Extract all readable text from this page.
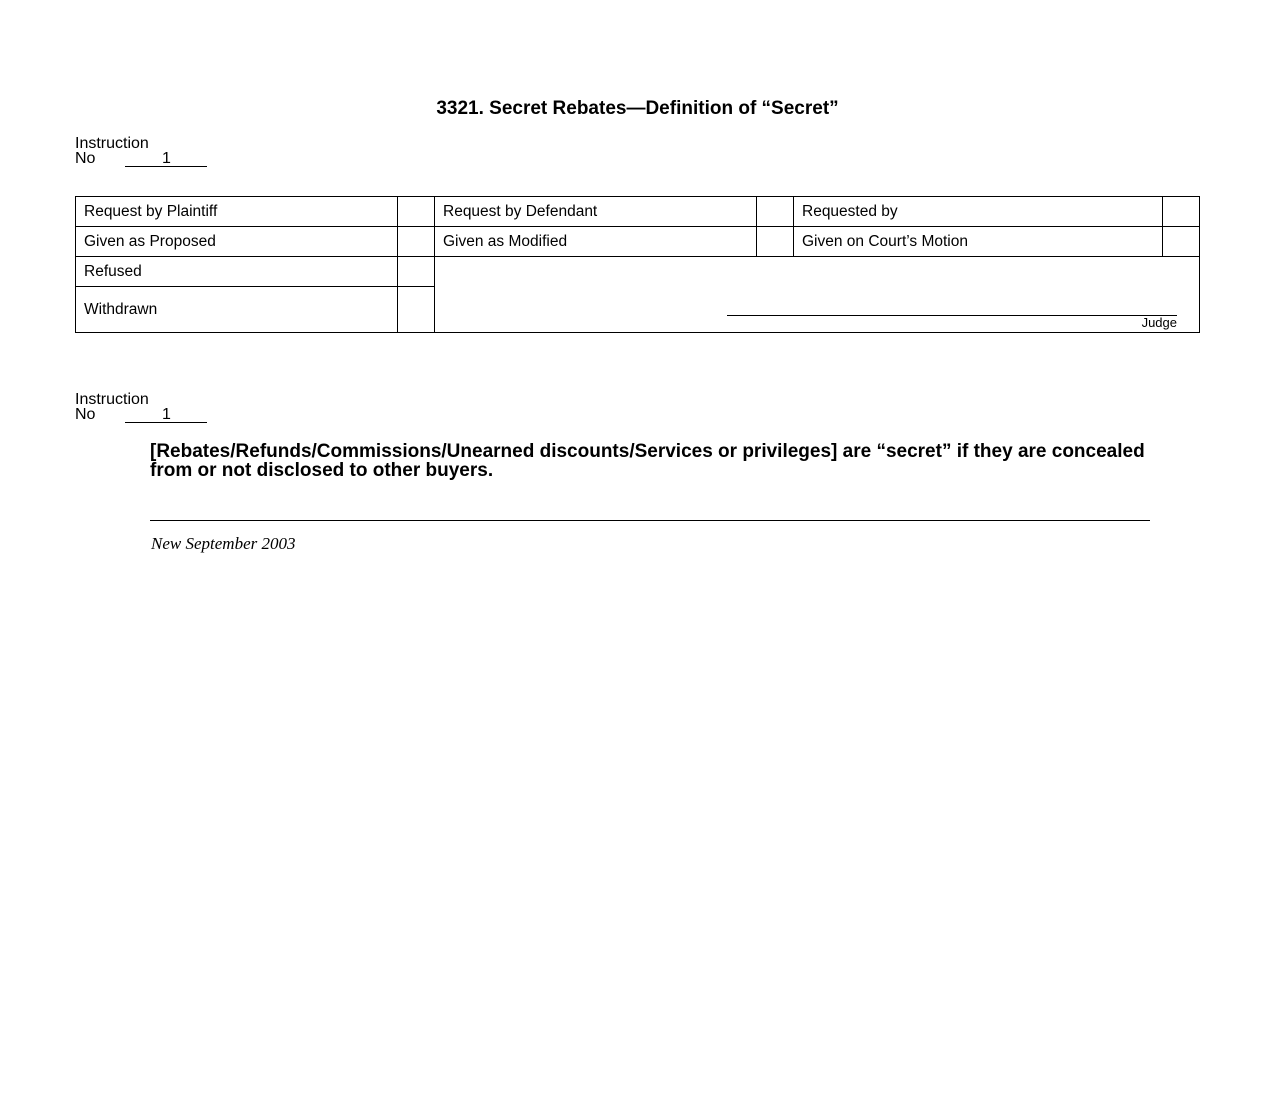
3321. Secret Rebates—Definition of “Secret”
Instruction
No	1
Request by Plaintiff		Request by Defendant		Requested by	
Given as Proposed		Given as Modified		Given on Court’s Motion	
Refused		Judge			

Withdrawn					
Instruction
No	1
[Rebates/Refunds/Commissions/Unearned discounts/Services or privileges] are “secret” if they are concealed from or not disclosed to other buyers.
New September 2003
